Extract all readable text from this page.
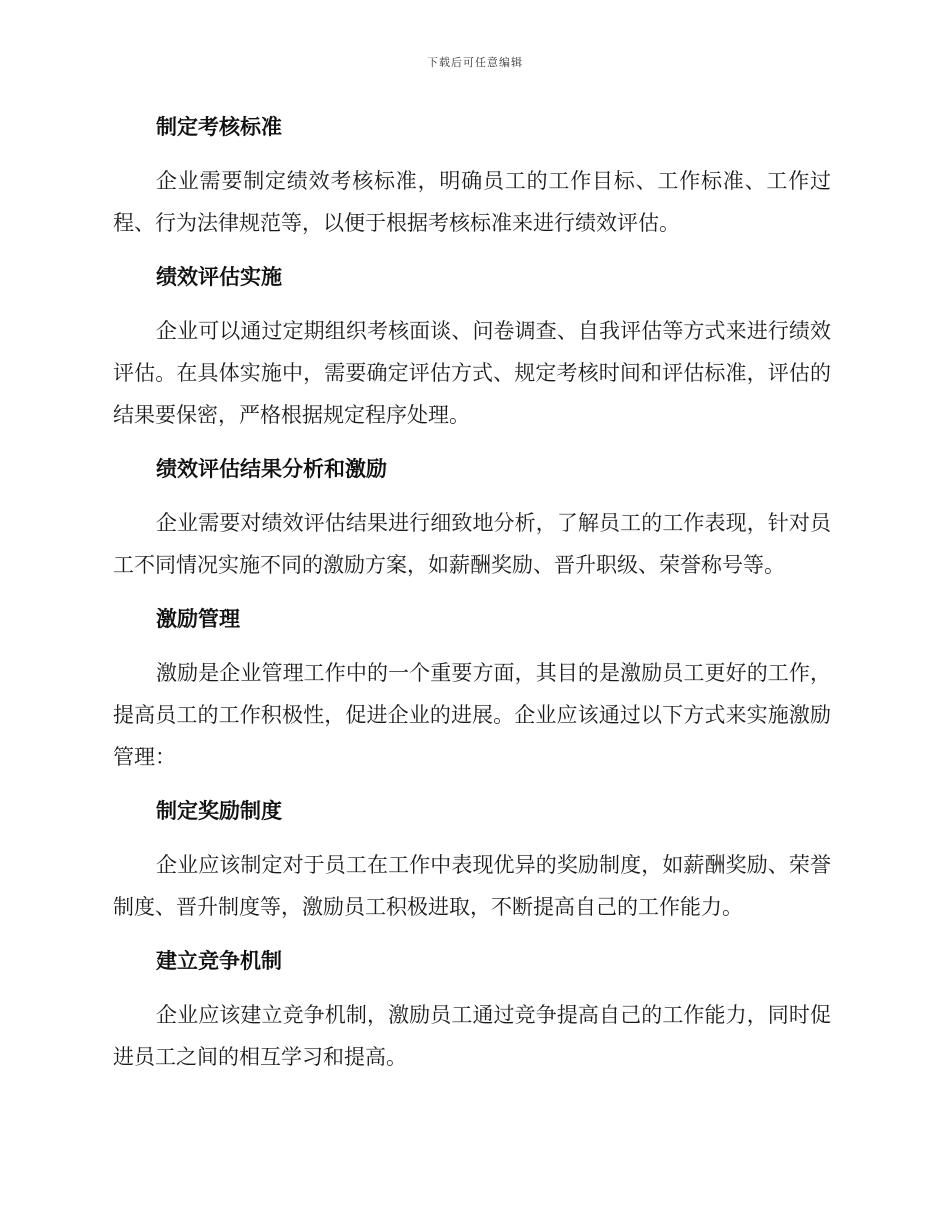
下载后可任意编辑
制定考核标准

企业需要制定绩效考核标准，明确员工的工作目标、工作标准、工作过程、行为法律规范等，以便于根据考核标准来进行绩效评估。

绩效评估实施

企业可以通过定期组织考核面谈、问卷调查、自我评估等方式来进行绩效评估。在具体实施中，需要确定评估方式、规定考核时间和评估标准，评估的结果要保密，严格根据规定程序处理。

绩效评估结果分析和激励

企业需要对绩效评估结果进行细致地分析，了解员工的工作表现，针对员工不同情况实施不同的激励方案，如薪酬奖励、晋升职级、荣誉称号等。

激励管理

激励是企业管理工作中的一个重要方面，其目的是激励员工更好的工作，提高员工的工作积极性，促进企业的进展。企业应该通过以下方式来实施激励管理：

制定奖励制度

企业应该制定对于员工在工作中表现优异的奖励制度，如薪酬奖励、荣誉制度、晋升制度等，激励员工积极进取，不断提高自己的工作能力。

建立竞争机制

企业应该建立竞争机制，激励员工通过竞争提高自己的工作能力，同时促进员工之间的相互学习和提高。
